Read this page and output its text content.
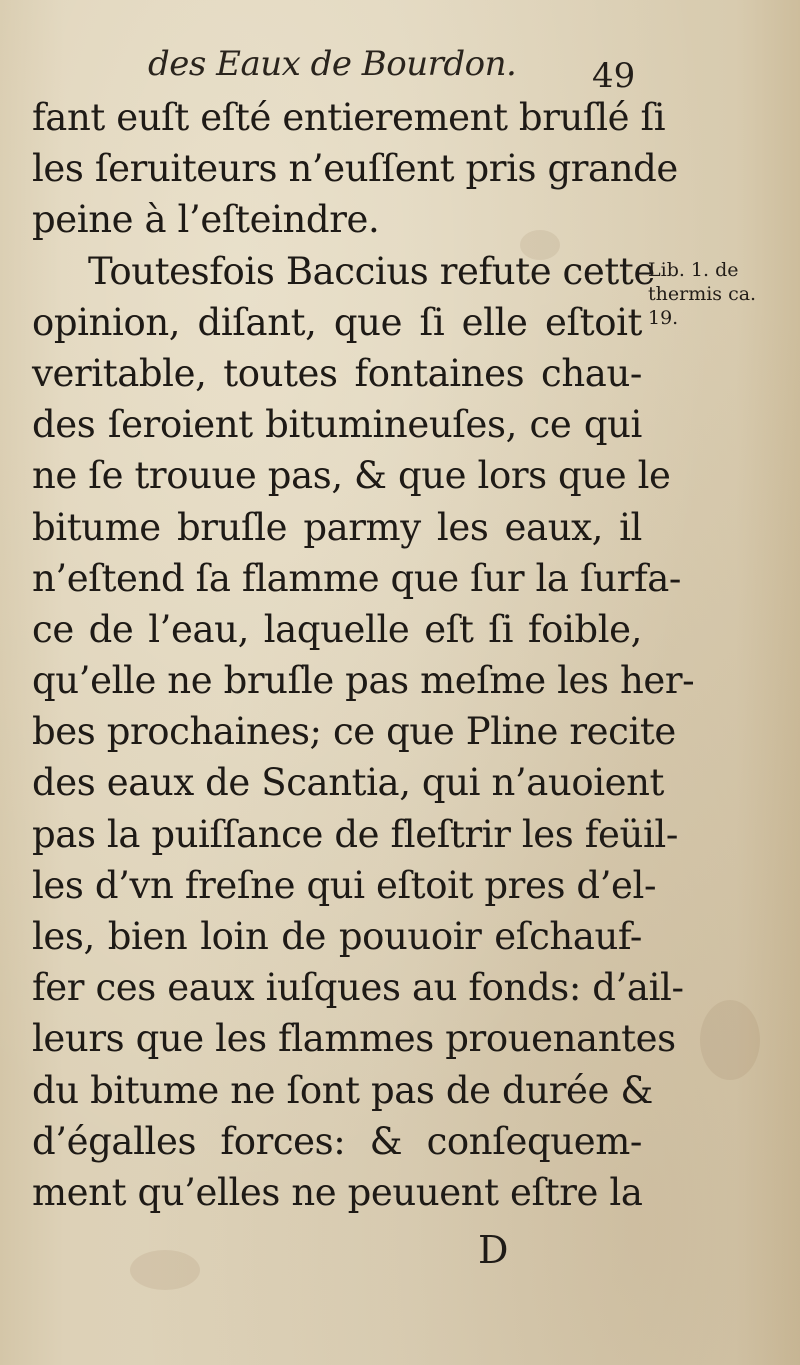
des Eaux de Bourdon. 49
fant euſt eſté entierement bruſlé ſi
les ſeruiteurs n’euſſent pris grande
peine à l’eſteindre.
Toutesfois Baccius refute cette
opinion, diſant, que ſi elle eſtoit
veritable, toutes fontaines chau-
des ſeroient bitumineuſes, ce qui
ne ſe trouue pas, & que lors que le
bitume bruſle parmy les eaux, il
n’eſtend ſa flamme que ſur la ſurfa-
ce de l’eau, laquelle eſt ſi foible,
qu’elle ne bruſle pas meſme les her-
bes prochaines; ce que Pline recite
des eaux de Scantia, qui n’auoient
pas la puiſſance de fleſtrir les feüil-
les d’vn freſne qui eſtoit pres d’el-
les, bien loin de pouuoir eſchauf-
fer ces eaux iuſques au fonds: d’ail-
leurs que les flammes prouenantes
du bitume ne ſont pas de durée &
d’égalles forces: & conſequem-
ment qu’elles ne peuuent eſtre la
Lib. 1. de
thermis ca.
19.
D
